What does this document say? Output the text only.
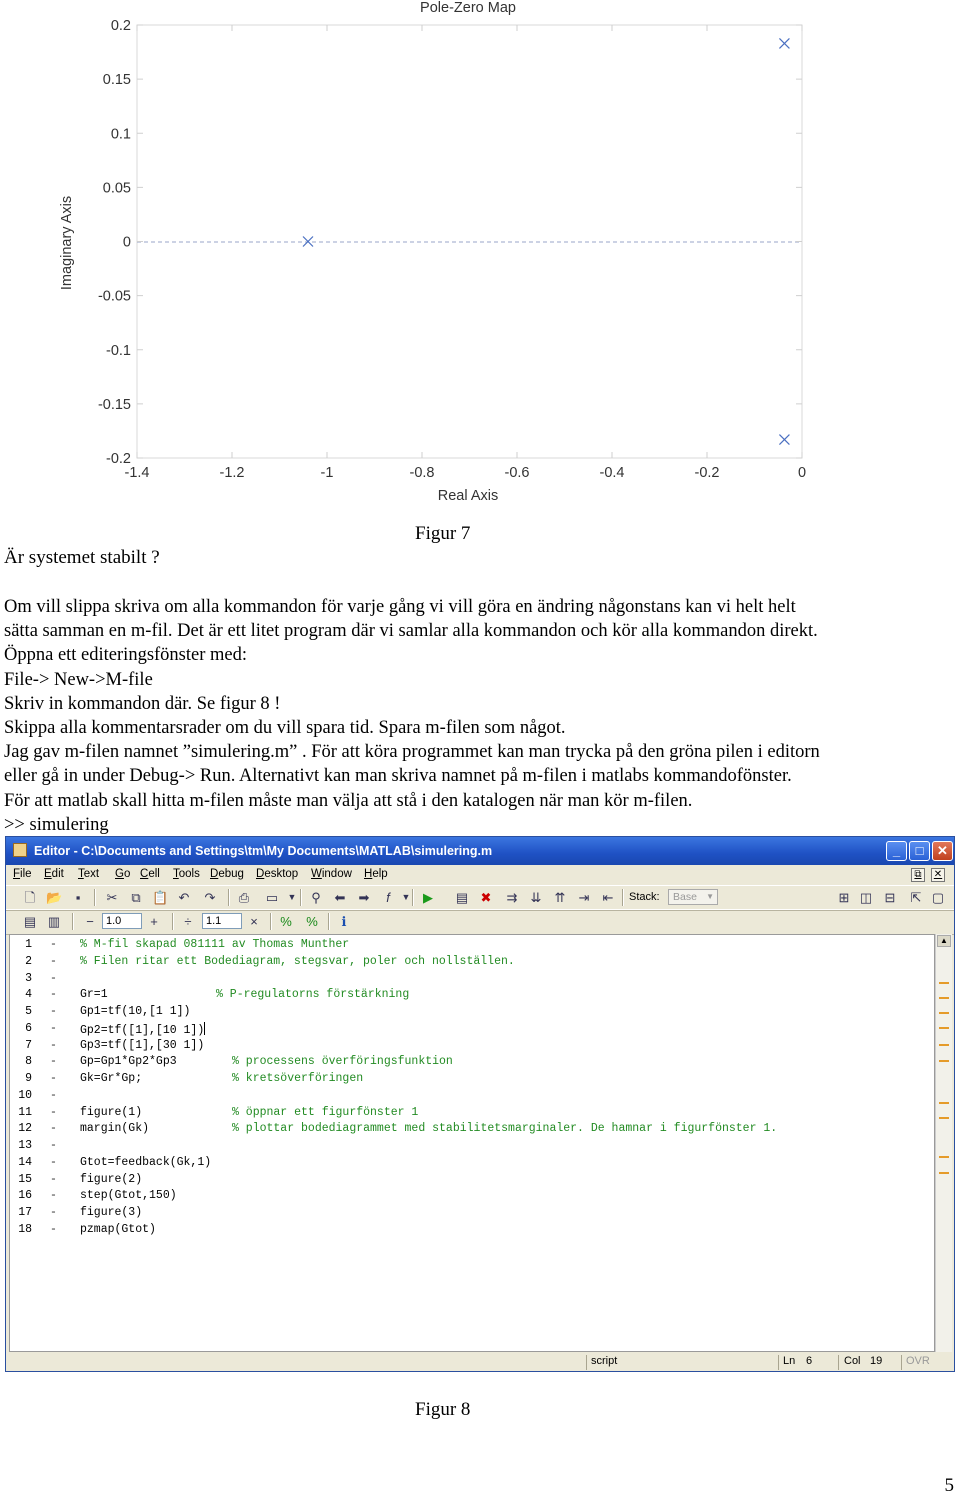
Pole-Zero Map
0.2
0.15
0.1
0.05
0
-0.05
-0.1
-0.15
-0.2
-1.4	-1.2	-1	-0.8	-0.6	-0.4	-0.2	0
Real Axis
Imaginary Axis
Figur 7
Är systemet stabilt ?
Om vill slippa skriva om alla kommandon för varje gång vi vill göra en ändring någonstans kan vi helt helt
sätta samman en m-fil. Det är ett litet program där vi samlar alla kommandon och kör alla kommandon direkt.
Öppna ett editeringsfönster med:
File-> New->M-file
Skriv in kommandon där. Se figur 8 !
Skippa alla kommentarsrader om du vill spara tid. Spara m-filen som något.
Jag gav m-filen namnet ”simulering.m” . För att köra programmet kan man trycka på den gröna pilen i editorn
eller gå in under Debug-> Run. Alternativt kan man skriva namnet på m-filen i matlabs kommandofönster.
För att matlab skall hitta m-filen måste man välja att stå i den katalogen när man kör m-filen.
>> simulering
Editor - C:\Documents and Settings\tm\My Documents\MATLAB\simulering.m	_	□	✕
File Edit Text Go Cell Tools Debug Desktop Window Help	⧉	✕
🗋 📂	▪	✂ ⧉ 📋 ↶ ↷ ⎙ ▭	▼ ⚲ ⬅ ➡	f	▼ ▶ ▤ ✖ ⇉ ⇊ ⇈ ⇥ ⇤ Stack:	Base ▼	⊞ ◫ ⊟ ⇱ ▢
▤ ▥	−	1.0	+	÷	1.1	×	% %	ℹ
1 - % M-fil skapad 081111 av Thomas Munther
2 - % Filen ritar ett Bodediagram, stegsvar, poler och nollställen.
3 -
4 - Gr=1	% P-regulatorns förstärkning
5 - Gp1=tf(10,[1 1])
6 - Gp2=tf([1],[10 1])
7 - Gp3=tf([1],[30 1])
8 - Gp=Gp1*Gp2*Gp3	% processens överföringsfunktion
9 - Gk=Gr*Gp;	% kretsöverföringen
10 -
11 - figure(1)	% öppnar ett figurfönster 1
12 - margin(Gk)	% plottar bodediagrammet med stabilitetsmarginaler. De hamnar i figurfönster 1.
13 -
14 - Gtot=feedback(Gk,1)
15 - figure(2)
16 - step(Gtot,150)
17 - figure(3)
18 - pzmap(Gtot)
▲
script	Ln 6	Col 19 OVR
Figur 8
5
